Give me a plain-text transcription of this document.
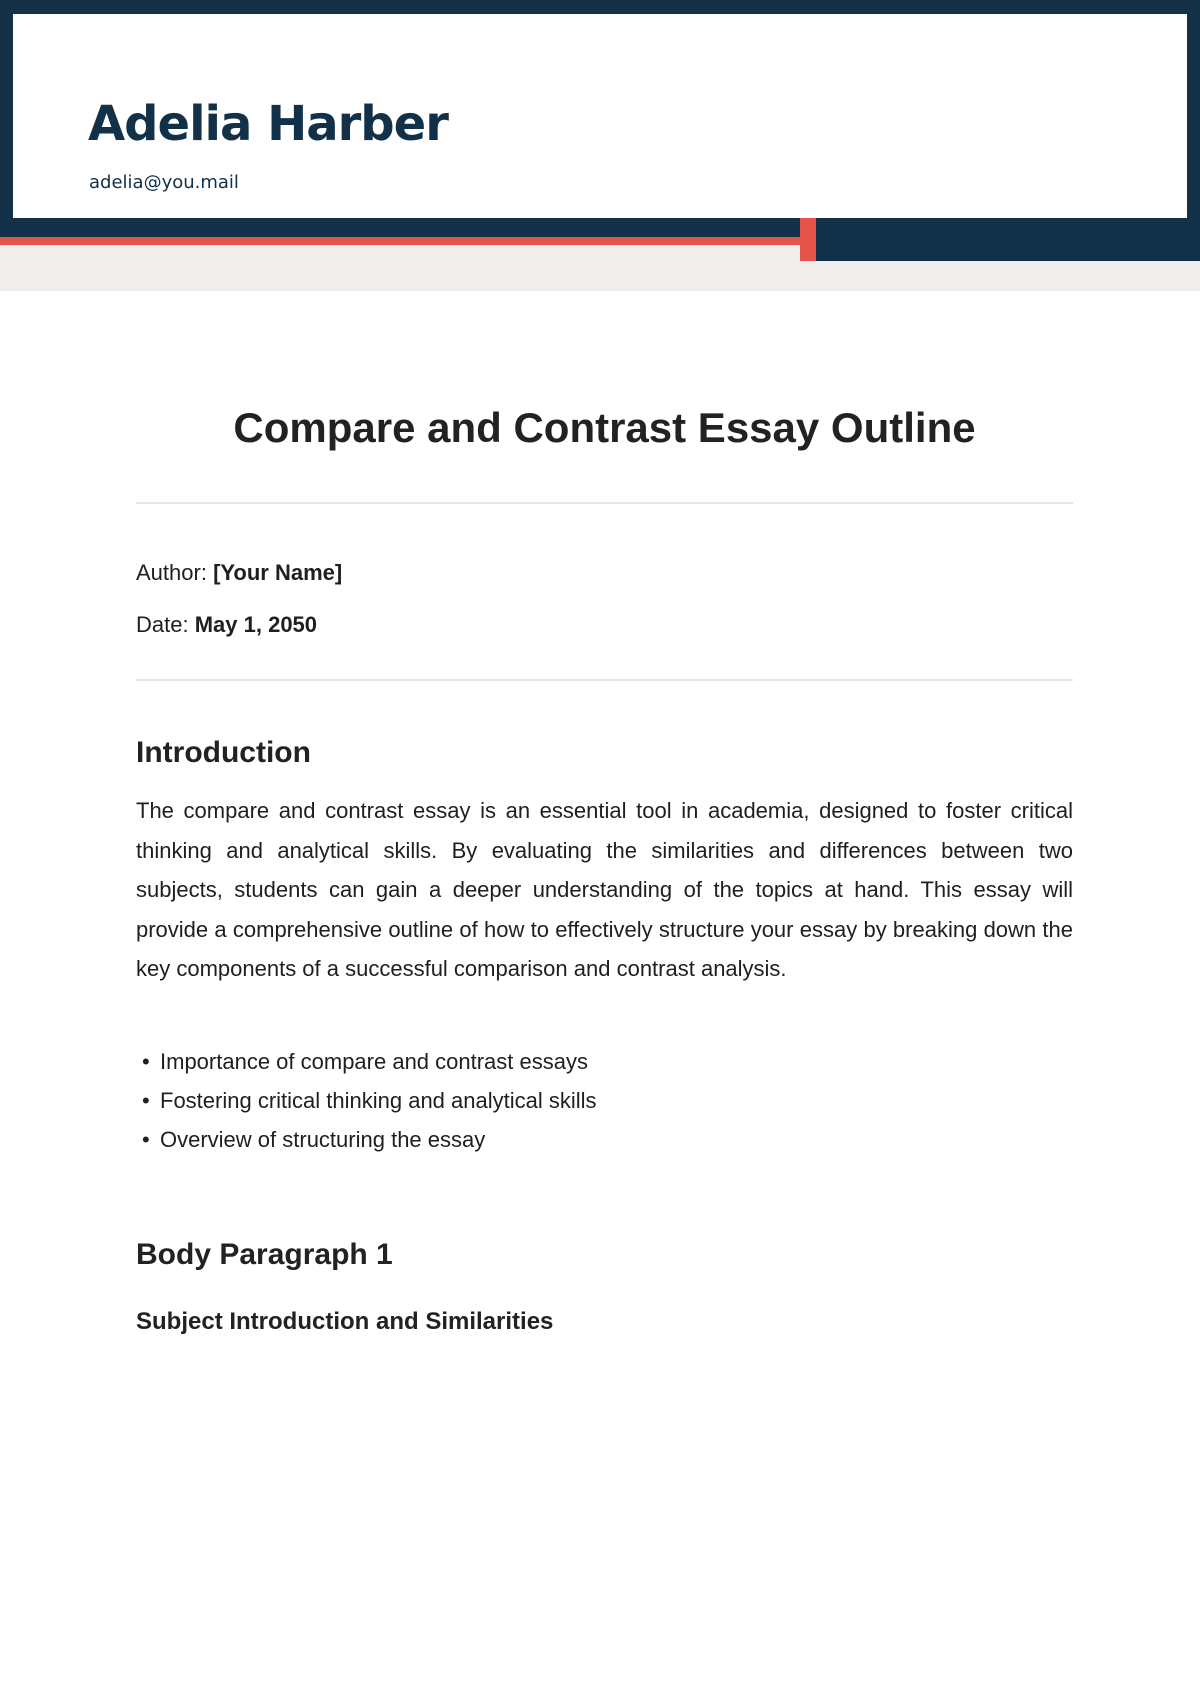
Adelia Harber
adelia@you.mail
Compare and Contrast Essay Outline
Author: [Your Name]
Date: May 1, 2050
Introduction

The compare and contrast essay is an essential tool in academia, designed to foster critical thinking and analytical skills. By evaluating the similarities and differences between two subjects, students can gain a deeper understanding of the topics at hand. This essay will provide a comprehensive outline of how to effectively structure your essay by breaking down the key components of a successful comparison and contrast analysis.

• Importance of compare and contrast essays
• Fostering critical thinking and analytical skills
• Overview of structuring the essay
Body Paragraph 1
Subject Introduction and Similarities
